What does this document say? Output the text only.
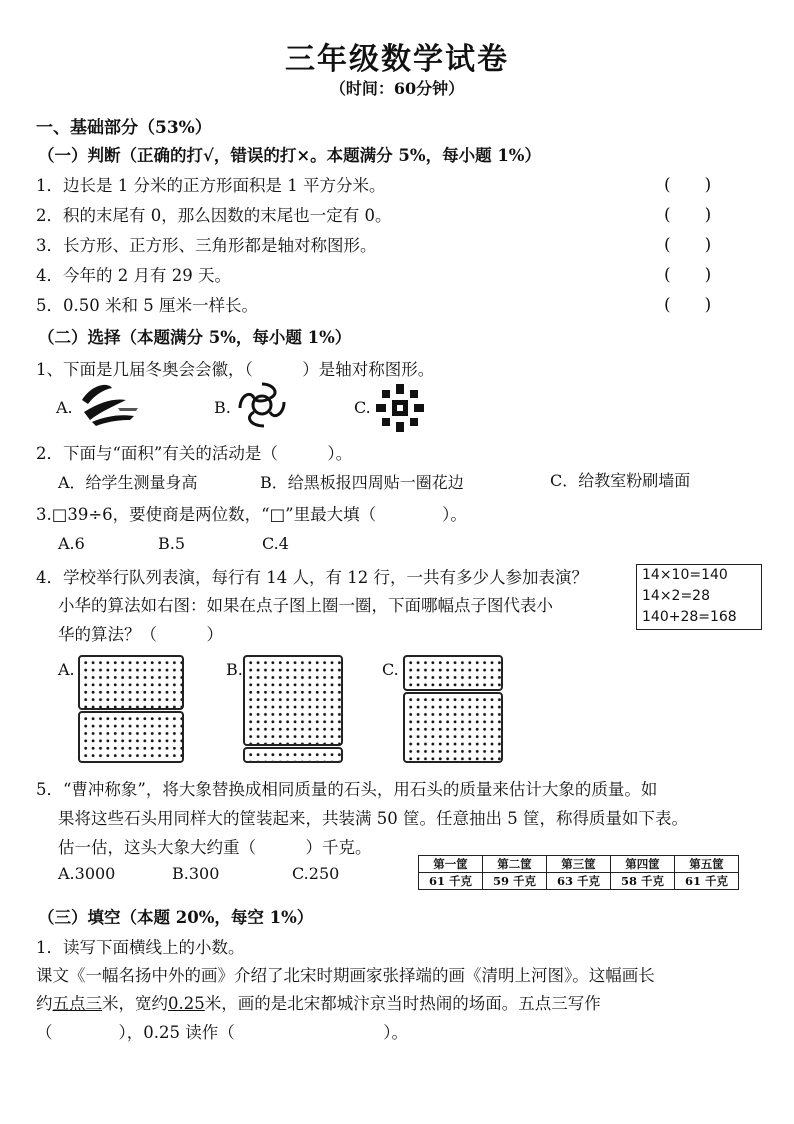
三年级数学试卷
（时间：60分钟）
一、基础部分（53%）
（一）判断（正确的打√，错误的打×。本题满分 5%，每小题 1%）
1．边长是 1 分米的正方形面积是 1 平方分米。	(　　)
2．积的末尾有 0，那么因数的末尾也一定有 0。	(　　)
3．长方形、正方形、三角形都是轴对称图形。	(　　)
4．今年的 2 月有 29 天。	(　　)
5．0.50 米和 5 厘米一样长。	(　　)
（二）选择（本题满分 5%，每小题 1%）
1、下面是几届冬奥会会徽，（　　　）是轴对称图形。
A.	B.	C.
2．下面与“面积”有关的活动是（　　　）。
A．给学生测量身高	B．给黑板报四周贴一圈花边	C．给教室粉刷墙面
3.□39÷6，要使商是两位数，“□”里最大填（　　　　）。
A.6	B.5	C.4
4．学校举行队列表演，每行有 14 人，有 12 行，一共有多少人参加表演？
小华的算法如右图：如果在点子图上圈一圈，下面哪幅点子图代表小
华的算法？（　　　）
14×10=140
14×2=28
140+28=168
A.	B.	C.
5．“曹冲称象”，将大象替换成相同质量的石头，用石头的质量来估计大象的质量。如
果将这些石头用同样大的筐装起来，共装满 50 筐。任意抽出 5 筐，称得质量如下表。
估一估，这头大象大约重（　　　）千克。
A.3000	B.300	C.250	第一筐	第二筐	第三筐	第四筐	第五筐
61 千克	59 千克	63 千克	58 千克	61 千克
（三）填空（本题 20%，每空 1%）
1．读写下面横线上的小数。
课文《一幅名扬中外的画》介绍了北宋时期画家张择端的画《清明上河图》。这幅画长
约五点三米，宽约0.25米，画的是北宋都城汴京当时热闹的场面。五点三写作
（　　　　），0.25 读作（　　　　　　　　　）。
